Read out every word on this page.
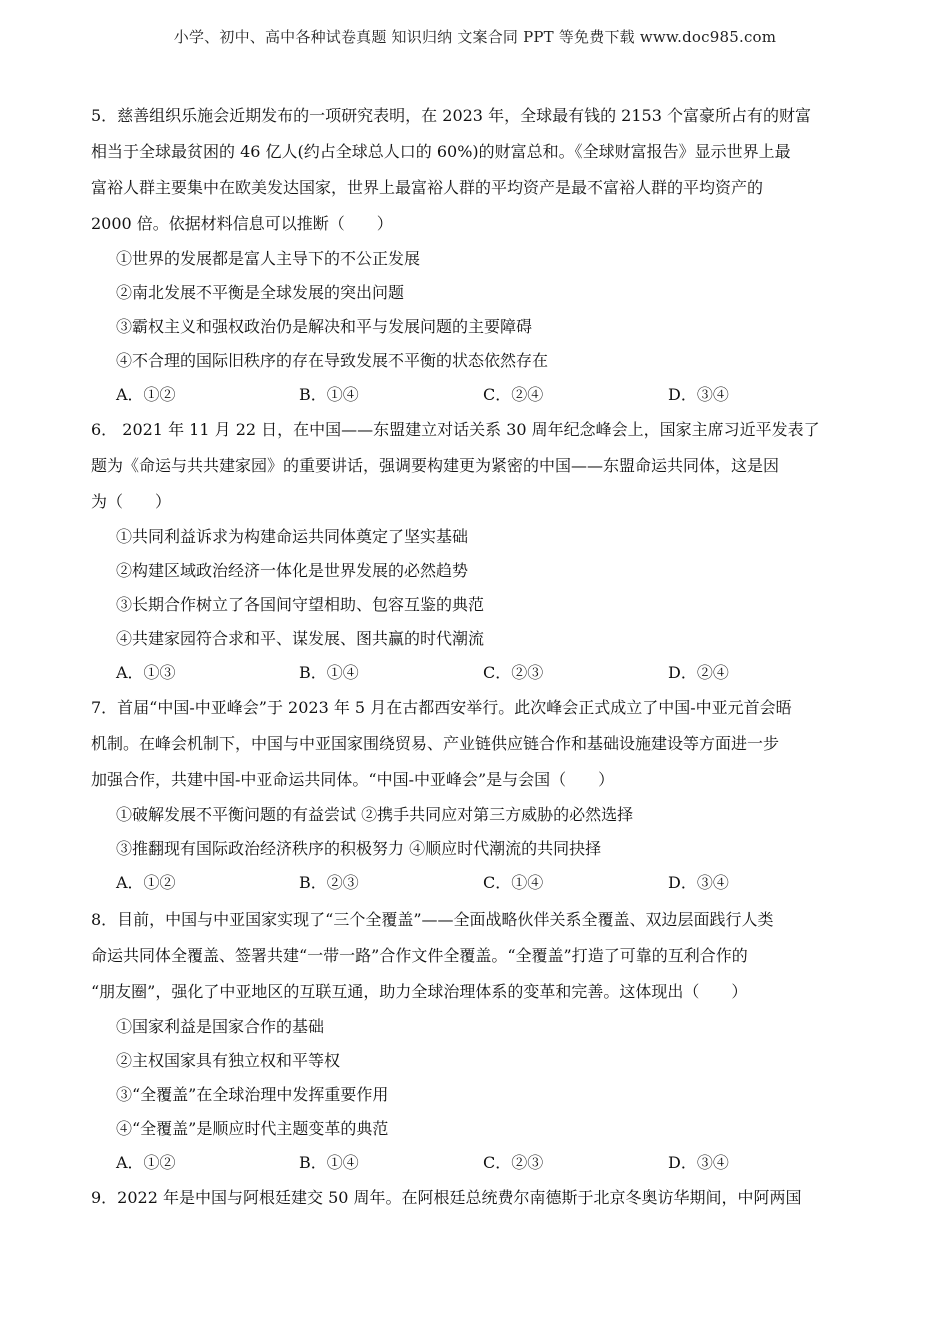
小学、初中、高中各种试卷真题 知识归纳 文案合同 PPT 等免费下载 www.doc985.com
5．慈善组织乐施会近期发布的一项研究表明，在 2023 年，全球最有钱的 2153 个富豪所占有的财富
相当于全球最贫困的 46 亿人(约占全球总人口的 60%)的财富总和。《全球财富报告》显示世界上最
富裕人群主要集中在欧美发达国家，世界上最富裕人群的平均资产是最不富裕人群的平均资产的
2000 倍。依据材料信息可以推断（　　）
①世界的发展都是富人主导下的不公正发展
②南北发展不平衡是全球发展的突出问题
③霸权主义和强权政治仍是解决和平与发展问题的主要障碍
④不合理的国际旧秩序的存在导致发展不平衡的状态依然存在
A．①②	B．①④	C．②④	D．③④
6． 2021 年 11 月 22 日，在中国——东盟建立对话关系 30 周年纪念峰会上，国家主席习近平发表了
题为《命运与共共建家园》的重要讲话，强调要构建更为紧密的中国——东盟命运共同体，这是因
为（　　）
①共同利益诉求为构建命运共同体奠定了坚实基础
②构建区域政治经济一体化是世界发展的必然趋势
③长期合作树立了各国间守望相助、包容互鉴的典范
④共建家园符合求和平、谋发展、图共赢的时代潮流
A．①③	B．①④	C．②③	D．②④
7．首届“中国-中亚峰会”于 2023 年 5 月在古都西安举行。此次峰会正式成立了中国-中亚元首会晤
机制。在峰会机制下，中国与中亚国家围绕贸易、产业链供应链合作和基础设施建设等方面进一步
加强合作，共建中国-中亚命运共同体。“中国-中亚峰会”是与会国（　　）
①破解发展不平衡问题的有益尝试 ②携手共同应对第三方威胁的必然选择
③推翻现有国际政治经济秩序的积极努力 ④顺应时代潮流的共同抉择
A．①②	B．②③	C．①④	D．③④
8．目前，中国与中亚国家实现了“三个全覆盖”——全面战略伙伴关系全覆盖、双边层面践行人类
命运共同体全覆盖、签署共建“一带一路”合作文件全覆盖。“全覆盖”打造了可靠的互利合作的
“朋友圈”，强化了中亚地区的互联互通，助力全球治理体系的变革和完善。这体现出（　　）
①国家利益是国家合作的基础
②主权国家具有独立权和平等权
③“全覆盖”在全球治理中发挥重要作用
④“全覆盖”是顺应时代主题变革的典范
A．①②	B．①④	C．②③	D．③④
9．2022 年是中国与阿根廷建交 50 周年。在阿根廷总统费尔南德斯于北京冬奥访华期间，中阿两国
